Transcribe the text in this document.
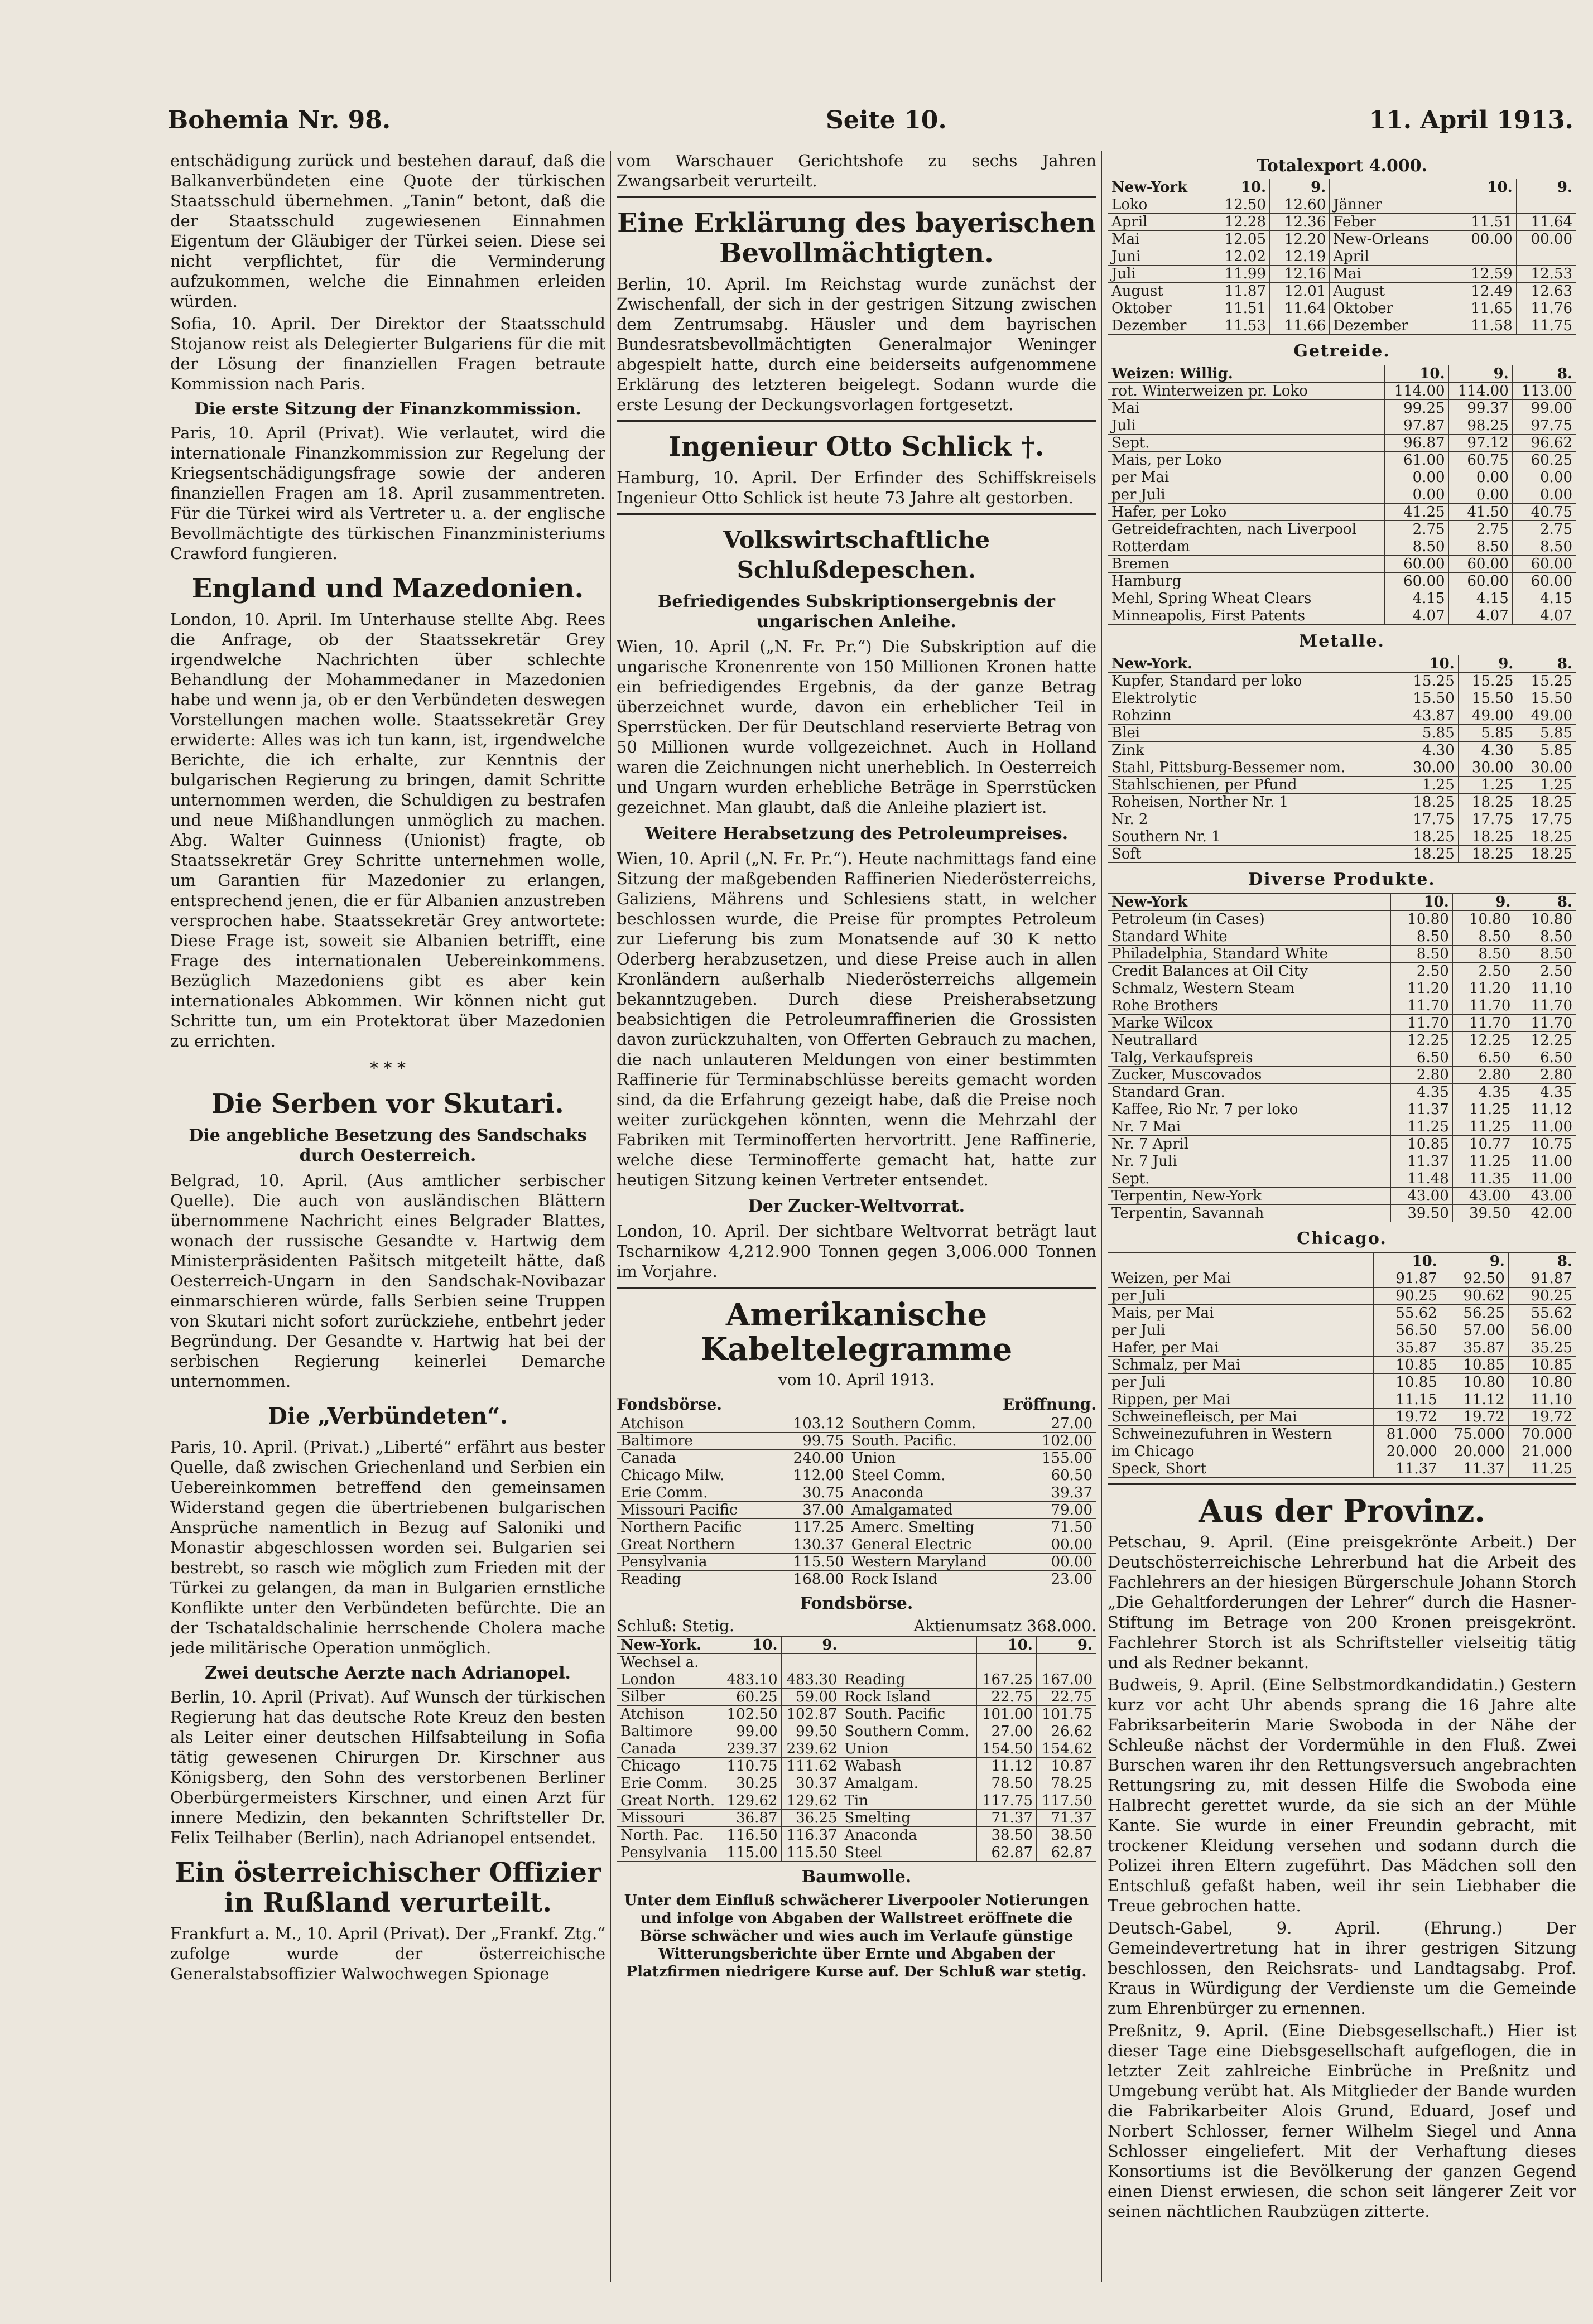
Bohemia Nr. 98.	Seite 10.	11. April 1913.

entschädigung zurück und bestehen darauf, daß die Balkanverbündeten eine Quote der türkischen Staatsschuld übernehmen. „Tanin“ betont, daß die der Staatsschuld zugewiesenen Einnahmen Eigentum der Gläubiger der Türkei seien. Diese sei nicht verpflichtet, für die Verminderung aufzukommen, welche die Einnahmen erleiden würden.

Sofia, 10. April. Der Direktor der Staatsschuld Stojanow reist als Delegierter Bulgariens für die mit der Lösung der finanziellen Fragen betraute Kommission nach Paris.

Die erste Sitzung der Finanzkommission.

Paris, 10. April (Privat). Wie verlautet, wird die internationale Finanzkommission zur Regelung der Kriegsentschädigungsfrage sowie der anderen finanziellen Fragen am 18. April zusammentreten. Für die Türkei wird als Vertreter u. a. der englische Bevollmächtigte des türkischen Finanzministeriums Crawford fungieren.

England und Mazedonien.

London, 10. April. Im Unterhause stellte Abg. Rees die Anfrage, ob der Staatssekretär Grey irgendwelche Nachrichten über schlechte Behandlung der Mohammedaner in Mazedonien habe und wenn ja, ob er den Verbündeten deswegen Vorstellungen machen wolle. Staatssekretär Grey erwiderte: Alles was ich tun kann, ist, irgendwelche Berichte, die ich erhalte, zur Kenntnis der bulgarischen Regierung zu bringen, damit Schritte unternommen werden, die Schuldigen zu bestrafen und neue Mißhandlungen unmöglich zu machen. Abg. Walter Guinness (Unionist) fragte, ob Staatssekretär Grey Schritte unternehmen wolle, um Garantien für Mazedonier zu erlangen, entsprechend jenen, die er für Albanien anzustreben versprochen habe. Staatssekretär Grey antwortete: Diese Frage ist, soweit sie Albanien betrifft, eine Frage des internationalen Uebereinkommens. Bezüglich Mazedoniens gibt es aber kein internationales Abkommen. Wir können nicht gut Schritte tun, um ein Protektorat über Mazedonien zu errichten.

* * *
Die Serben vor Skutari.
Die angebliche Besetzung des Sandschaks durch Oesterreich.

Belgrad, 10. April. (Aus amtlicher serbischer Quelle). Die auch von ausländischen Blättern übernommene Nachricht eines Belgrader Blattes, wonach der russische Gesandte v. Hartwig dem Ministerpräsidenten Pašitsch mitgeteilt hätte, daß Oesterreich-Ungarn in den Sandschak-Novibazar einmarschieren würde, falls Serbien seine Truppen von Skutari nicht sofort zurückziehe, entbehrt jeder Begründung. Der Gesandte v. Hartwig hat bei der serbischen Regierung keinerlei Demarche unternommen.

Die „Verbündeten“.

Paris, 10. April. (Privat.) „Liberté“ erfährt aus bester Quelle, daß zwischen Griechenland und Serbien ein Uebereinkommen betreffend den gemeinsamen Widerstand gegen die übertriebenen bulgarischen Ansprüche namentlich in Bezug auf Saloniki und Monastir abgeschlossen worden sei. Bulgarien sei bestrebt, so rasch wie möglich zum Frieden mit der Türkei zu gelangen, da man in Bulgarien ernstliche Konflikte unter den Verbündeten befürchte. Die an der Tschataldschalinie herrschende Cholera mache jede militärische Operation unmöglich.

Zwei deutsche Aerzte nach Adrianopel.

Berlin, 10. April (Privat). Auf Wunsch der türkischen Regierung hat das deutsche Rote Kreuz den besten als Leiter einer deutschen Hilfsabteilung in Sofia tätig gewesenen Chirurgen Dr. Kirschner aus Königsberg, den Sohn des verstorbenen Berliner Oberbürgermeisters Kirschner, und einen Arzt für innere Medizin, den bekannten Schriftsteller Dr. Felix Teilhaber (Berlin), nach Adrianopel entsendet.

Ein österreichischer Offizier in Rußland verurteilt.

Frankfurt a. M., 10. April (Privat). Der „Frankf. Ztg.“ zufolge wurde der österreichische Generalstabsoffizier Walwochwegen Spionage

vom Warschauer Gerichtshofe zu sechs Jahren Zwangsarbeit verurteilt.

Eine Erklärung des bayerischen Bevollmächtigten.

Berlin, 10. April. Im Reichstag wurde zunächst der Zwischenfall, der sich in der gestrigen Sitzung zwischen dem Zentrumsabg. Häusler und dem bayrischen Bundesratsbevollmächtigten Generalmajor Weninger abgespielt hatte, durch eine beiderseits aufgenommene Erklärung des letzteren beigelegt. Sodann wurde die erste Lesung der Deckungsvorlagen fortgesetzt.

Ingenieur Otto Schlick †.

Hamburg, 10. April. Der Erfinder des Schiffskreisels Ingenieur Otto Schlick ist heute 73 Jahre alt gestorben.

Volkswirtschaftliche Schlußdepeschen.
Befriedigendes Subskriptionsergebnis der ungarischen Anleihe.

Wien, 10. April („N. Fr. Pr.“) Die Subskription auf die ungarische Kronenrente von 150 Millionen Kronen hatte ein befriedigendes Ergebnis, da der ganze Betrag überzeichnet wurde, davon ein erheblicher Teil in Sperrstücken. Der für Deutschland reservierte Betrag von 50 Millionen wurde vollgezeichnet. Auch in Holland waren die Zeichnungen nicht unerheblich. In Oesterreich und Ungarn wurden erhebliche Beträge in Sperrstücken gezeichnet. Man glaubt, daß die Anleihe plaziert ist.

Weitere Herabsetzung des Petroleumpreises.

Wien, 10. April („N. Fr. Pr.“). Heute nachmittags fand eine Sitzung der maßgebenden Raffinerien Niederösterreichs, Galiziens, Mährens und Schlesiens statt, in welcher beschlossen wurde, die Preise für promptes Petroleum zur Lieferung bis zum Monatsende auf 30 K netto Oderberg herabzusetzen, und diese Preise auch in allen Kronländern außerhalb Niederösterreichs allgemein bekanntzugeben. Durch diese Preisherabsetzung beabsichtigen die Petroleumraffinerien die Grossisten davon zurückzuhalten, von Offerten Gebrauch zu machen, die nach unlauteren Meldungen von einer bestimmten Raffinerie für Terminabschlüsse bereits gemacht worden sind, da die Erfahrung gezeigt habe, daß die Preise noch weiter zurückgehen könnten, wenn die Mehrzahl der Fabriken mit Terminofferten hervortritt. Jene Raffinerie, welche diese Terminofferte gemacht hat, hatte zur heutigen Sitzung keinen Vertreter entsendet.

Der Zucker-Weltvorrat.

London, 10. April. Der sichtbare Weltvorrat beträgt laut Tscharnikow 4,212.900 Tonnen gegen 3,006.000 Tonnen im Vorjahre.

Amerikanische Kabeltelegramme
vom 10. April 1913.
Fondsbörse.	Eröffnung.
Atchison	103.12	Southern Comm.	27.00
Baltimore	99.75	South. Pacific.	102.00
Canada	240.00	Union	155.00
Chicago Milw.	112.00	Steel Comm.	60.50
Erie Comm.	30.75	Anaconda	39.37
Missouri Pacific	37.00	Amalgamated	79.00
Northern Pacific	117.25	Amerc. Smelting	71.50
Great Northern	130.37	General Electric	00.00
Pensylvania	115.50	Western Maryland	00.00
Reading	168.00	Rock Island	23.00
Fondsbörse.
Schluß: Stetig.	Aktienumsatz 368.000.
New-York.	10.	9.		10.	9.
Wechsel a.					
London	483.10	483.30	Reading	167.25	167.00
Silber	60.25	59.00	Rock Island	22.75	22.75
Atchison	102.50	102.87	South. Pacific	101.00	101.75
Baltimore	99.00	99.50	Southern Comm.	27.00	26.62
Canada	239.37	239.62	Union	154.50	154.62
Chicago	110.75	111.62	Wabash	11.12	10.87
Erie Comm.	30.25	30.37	Amalgam.	78.50	78.25
Great North.	129.62	129.62	Tin	117.75	117.50
Missouri	36.87	36.25	Smelting	71.37	71.37
North. Pac.	116.50	116.37	Anaconda	38.50	38.50
Pensylvania	115.00	115.50	Steel	62.87	62.87
Baumwolle.
Unter dem Einfluß schwächerer Liverpooler Notierungen und infolge von Abgaben der Wallstreet eröffnete die Börse schwächer und wies auch im Verlaufe günstige Witterungsberichte über Ernte und Abgaben der Platzfirmen niedrigere Kurse auf. Der Schluß war stetig.
Totalexport 4.000.
New-York	10.	9.		10.	9.
Loko	12.50	12.60	Jänner		
April	12.28	12.36	Feber	11.51	11.64
Mai	12.05	12.20	New-Orleans	00.00	00.00
Juni	12.02	12.19	April		
Juli	11.99	12.16	Mai	12.59	12.53
August	11.87	12.01	August	12.49	12.63
Oktober	11.51	11.64	Oktober	11.65	11.76
Dezember	11.53	11.66	Dezember	11.58	11.75
Getreide.
Weizen: Willig.	10.	9.	8.
rot. Winterweizen pr. Loko	114.00	114.00	113.00
Mai	99.25	99.37	99.00
Juli	97.87	98.25	97.75
Sept.	96.87	97.12	96.62
Mais, per Loko	61.00	60.75	60.25
per Mai	0.00	0.00	0.00
per Juli	0.00	0.00	0.00
Hafer, per Loko	41.25	41.50	40.75
Getreidefrachten, nach Liverpool	2.75	2.75	2.75
Rotterdam	8.50	8.50	8.50
Bremen	60.00	60.00	60.00
Hamburg	60.00	60.00	60.00
Mehl, Spring Wheat Clears	4.15	4.15	4.15
Minneapolis, First Patents	4.07	4.07	4.07
Metalle.
New-York.	10.	9.	8.
Kupfer, Standard per loko	15.25	15.25	15.25
Elektrolytic	15.50	15.50	15.50
Rohzinn	43.87	49.00	49.00
Blei	5.85	5.85	5.85
Zink	4.30	4.30	5.85
Stahl, Pittsburg-Bessemer nom.	30.00	30.00	30.00
Stahlschienen, per Pfund	1.25	1.25	1.25
Roheisen, Norther Nr. 1	18.25	18.25	18.25
Nr. 2	17.75	17.75	17.75
Southern Nr. 1	18.25	18.25	18.25
Soft	18.25	18.25	18.25
Diverse Produkte.
New-York	10.	9.	8.
Petroleum (in Cases)	10.80	10.80	10.80
Standard White	8.50	8.50	8.50
Philadelphia, Standard White	8.50	8.50	8.50
Credit Balances at Oil City	2.50	2.50	2.50
Schmalz, Western Steam	11.20	11.20	11.10
Rohe Brothers	11.70	11.70	11.70
Marke Wilcox	11.70	11.70	11.70
Neutrallard	12.25	12.25	12.25
Talg, Verkaufspreis	6.50	6.50	6.50
Zucker, Muscovados	2.80	2.80	2.80
Standard Gran.	4.35	4.35	4.35
Kaffee, Rio Nr. 7 per loko	11.37	11.25	11.12
Nr. 7 Mai	11.25	11.25	11.00
Nr. 7 April	10.85	10.77	10.75
Nr. 7 Juli	11.37	11.25	11.00
Sept.	11.48	11.35	11.00
Terpentin, New-York	43.00	43.00	43.00
Terpentin, Savannah	39.50	39.50	42.00
Chicago.
	10.	9.	8.
Weizen, per Mai	91.87	92.50	91.87
per Juli	90.25	90.62	90.25
Mais, per Mai	55.62	56.25	55.62
per Juli	56.50	57.00	56.00
Hafer, per Mai	35.87	35.87	35.25
Schmalz, per Mai	10.85	10.85	10.85
per Juli	10.85	10.80	10.80
Rippen, per Mai	11.15	11.12	11.10
Schweinefleisch, per Mai	19.72	19.72	19.72
Schweinezufuhren in Western	81.000	75.000	70.000
im Chicago	20.000	20.000	21.000
Speck, Short	11.37	11.37	11.25
Aus der Provinz.

Petschau, 9. April. (Eine preisgekrönte Arbeit.) Der Deutschösterreichische Lehrerbund hat die Arbeit des Fachlehrers an der hiesigen Bürgerschule Johann Storch „Die Gehaltforderungen der Lehrer“ durch die Hasner-Stiftung im Betrage von 200 Kronen preisgekrönt. Fachlehrer Storch ist als Schriftsteller vielseitig tätig und als Redner bekannt.

Budweis, 9. April. (Eine Selbstmordkandidatin.) Gestern kurz vor acht Uhr abends sprang die 16 Jahre alte Fabriksarbeiterin Marie Swoboda in der Nähe der Schleuße nächst der Vordermühle in den Fluß. Zwei Burschen waren ihr den Rettungsversuch angebrachten Rettungsring zu, mit dessen Hilfe die Swoboda eine Halbrecht gerettet wurde, da sie sich an der Mühle Kante. Sie wurde in einer Freundin gebracht, mit trockener Kleidung versehen und sodann durch die Polizei ihren Eltern zugeführt. Das Mädchen soll den Entschluß gefaßt haben, weil ihr sein Liebhaber die Treue gebrochen hatte.

Deutsch-Gabel, 9. April. (Ehrung.) Der Gemeindevertretung hat in ihrer gestrigen Sitzung beschlossen, den Reichsrats- und Landtagsabg. Prof. Kraus in Würdigung der Verdienste um die Gemeinde zum Ehrenbürger zu ernennen.

Preßnitz, 9. April. (Eine Diebsgesellschaft.) Hier ist dieser Tage eine Diebsgesellschaft aufgeflogen, die in letzter Zeit zahlreiche Einbrüche in Preßnitz und Umgebung verübt hat. Als Mitglieder der Bande wurden die Fabrikarbeiter Alois Grund, Eduard, Josef und Norbert Schlosser, ferner Wilhelm Siegel und Anna Schlosser eingeliefert. Mit der Verhaftung dieses Konsortiums ist die Bevölkerung der ganzen Gegend einen Dienst erwiesen, die schon seit längerer Zeit vor seinen nächtlichen Raubzügen zitterte.
